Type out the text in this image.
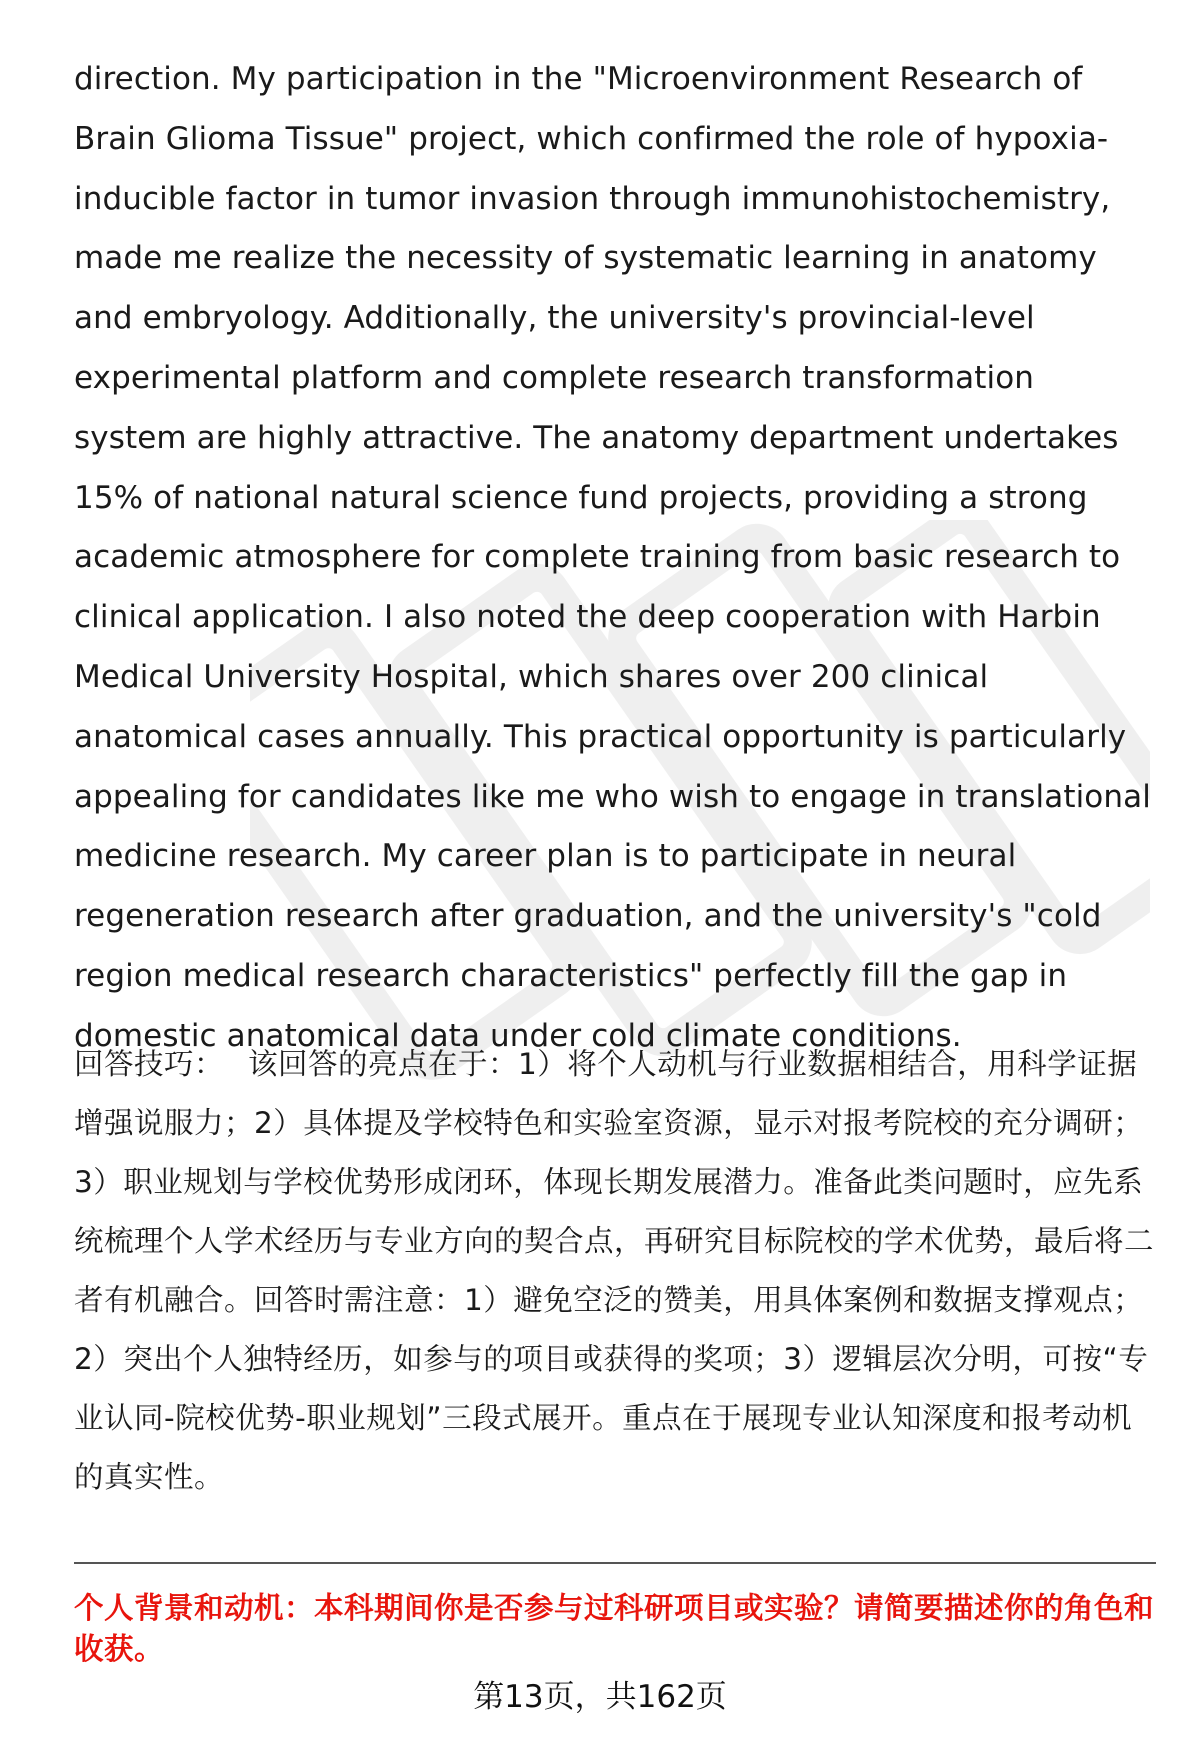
direction. My participation in the "Microenvironment Research of Brain Glioma Tissue" project, which confirmed the role of hypoxia-inducible factor in tumor invasion through immunohistochemistry, made me realize the necessity of systematic learning in anatomy and embryology. Additionally, the university's provincial-level experimental platform and complete research transformation system are highly attractive. The anatomy department undertakes 15% of national natural science fund projects, providing a strong academic atmosphere for complete training from basic research to clinical application. I also noted the deep cooperation with Harbin Medical University Hospital, which shares over 200 clinical anatomical cases annually. This practical opportunity is particularly appealing for candidates like me who wish to engage in translational medicine research. My career plan is to participate in neural regeneration research after graduation, and the university's "cold region medical research characteristics" perfectly fill the gap in domestic anatomical data under cold climate conditions.

回答技巧： 该回答的亮点在于：1）将个人动机与行业数据相结合，用科学证据增强说服力；2）具体提及学校特色和实验室资源，显示对报考院校的充分调研；3）职业规划与学校优势形成闭环，体现长期发展潜力。准备此类问题时，应先系统梳理个人学术经历与专业方向的契合点，再研究目标院校的学术优势，最后将二者有机融合。回答时需注意：1）避免空泛的赞美，用具体案例和数据支撑观点；2）突出个人独特经历，如参与的项目或获得的奖项；3）逻辑层次分明，可按“专业认同-院校优势-职业规划”三段式展开。重点在于展现专业认知深度和报考动机的真实性。

个人背景和动机：本科期间你是否参与过科研项目或实验？请简要描述你的角色和收获。

第13页，共162页
